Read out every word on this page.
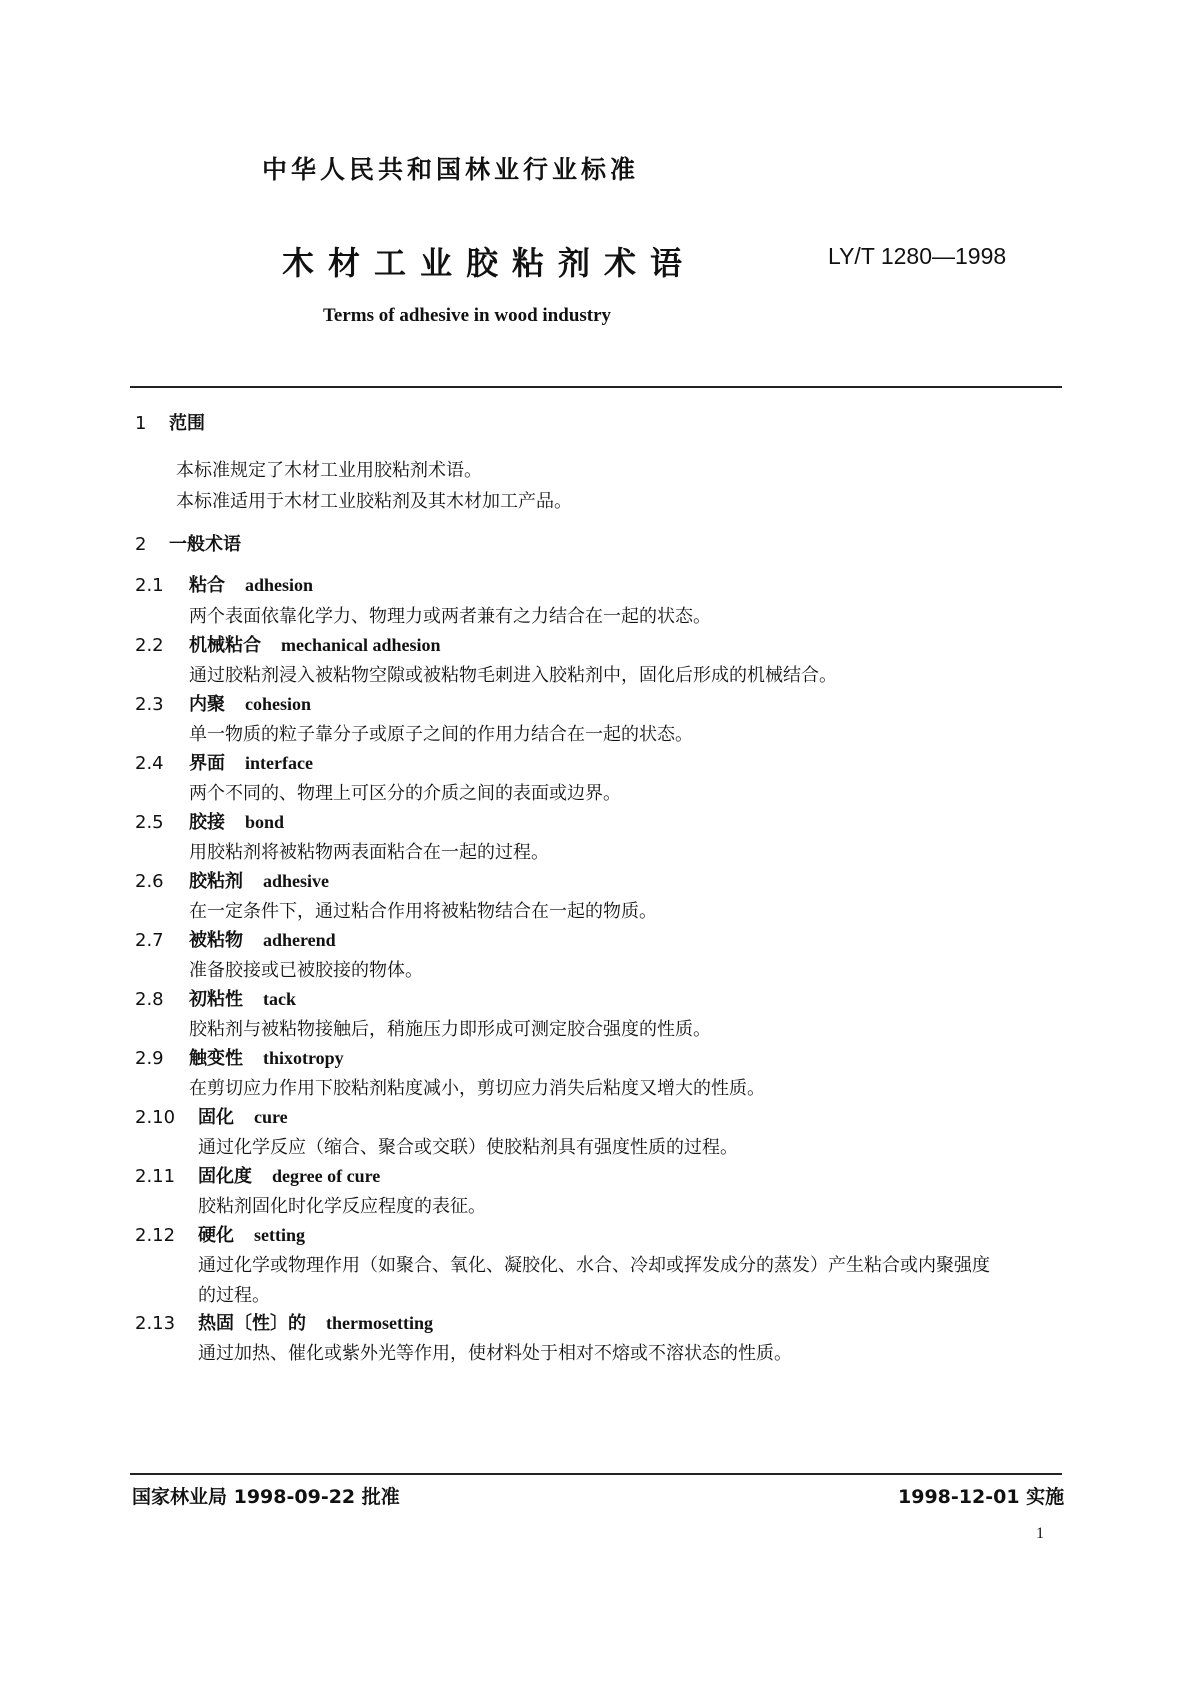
中华人民共和国林业行业标准
木材工业胶粘剂术语	LY/T 1280—1998
Terms of adhesive in wood industry
1 范围
本标准规定了木材工业用胶粘剂术语。
本标准适用于木材工业胶粘剂及其木材加工产品。
2 一般术语
2.1 粘合 adhesion
两个表面依靠化学力、物理力或两者兼有之力结合在一起的状态。
2.2 机械粘合 mechanical adhesion
通过胶粘剂浸入被粘物空隙或被粘物毛刺进入胶粘剂中，固化后形成的机械结合。
2.3 内聚 cohesion
单一物质的粒子靠分子或原子之间的作用力结合在一起的状态。
2.4 界面 interface
两个不同的、物理上可区分的介质之间的表面或边界。
2.5 胶接 bond
用胶粘剂将被粘物两表面粘合在一起的过程。
2.6 胶粘剂 adhesive
在一定条件下，通过粘合作用将被粘物结合在一起的物质。
2.7 被粘物 adherend
准备胶接或已被胶接的物体。
2.8 初粘性 tack
胶粘剂与被粘物接触后，稍施压力即形成可测定胶合强度的性质。
2.9 触变性 thixotropy
在剪切应力作用下胶粘剂粘度减小，剪切应力消失后粘度又增大的性质。
2.10 固化 cure
通过化学反应（缩合、聚合或交联）使胶粘剂具有强度性质的过程。
2.11 固化度 degree of cure
胶粘剂固化时化学反应程度的表征。
2.12 硬化 setting
通过化学或物理作用（如聚合、氧化、凝胶化、水合、冷却或挥发成分的蒸发）产生粘合或内聚强度
的过程。
2.13 热固〔性〕的 thermosetting
通过加热、催化或紫外光等作用，使材料处于相对不熔或不溶状态的性质。
国家林业局 1998-09-22 批准	1998-12-01 实施
1
